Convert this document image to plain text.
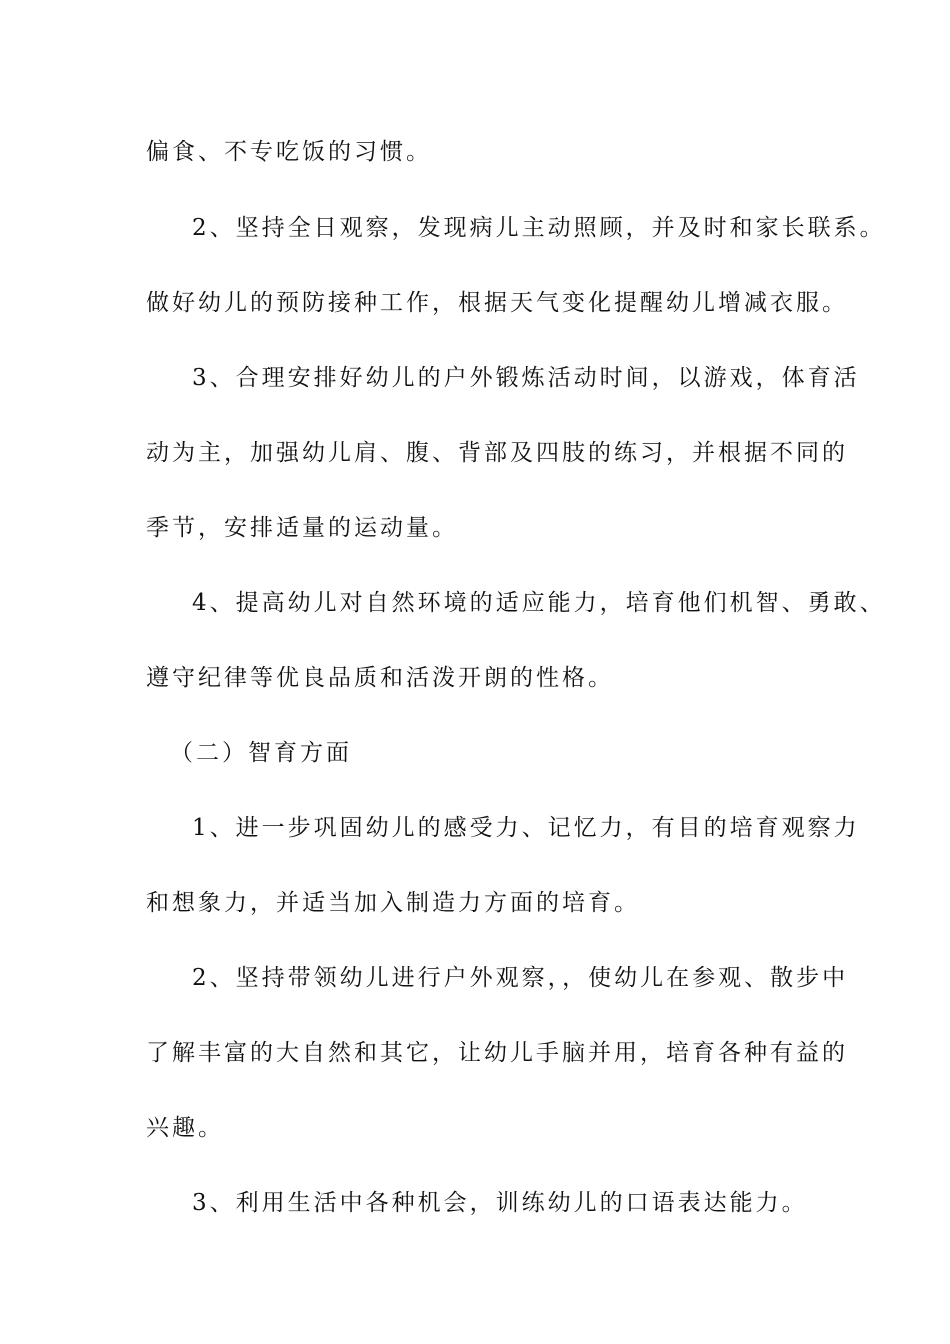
偏食、不专吃饭的习惯。
2、坚持全日观察，发现病儿主动照顾，并及时和家长联系。
做好幼儿的预防接种工作，根据天气变化提醒幼儿增减衣服。
3、合理安排好幼儿的户外锻炼活动时间，以游戏，体育活
动为主，加强幼儿肩、腹、背部及四肢的练习，并根据不同的
季节，安排适量的运动量。
4、提高幼儿对自然环境的适应能力，培育他们机智、勇敢、
遵守纪律等优良品质和活泼开朗的性格。
（二）智育方面
1、进一步巩固幼儿的感受力、记忆力，有目的培育观察力
和想象力，并适当加入制造力方面的培育。
2、坚持带领幼儿进行户外观察，，使幼儿在参观、散步中
了解丰富的大自然和其它，让幼儿手脑并用，培育各种有益的
兴趣。
3、利用生活中各种机会，训练幼儿的口语表达能力。
